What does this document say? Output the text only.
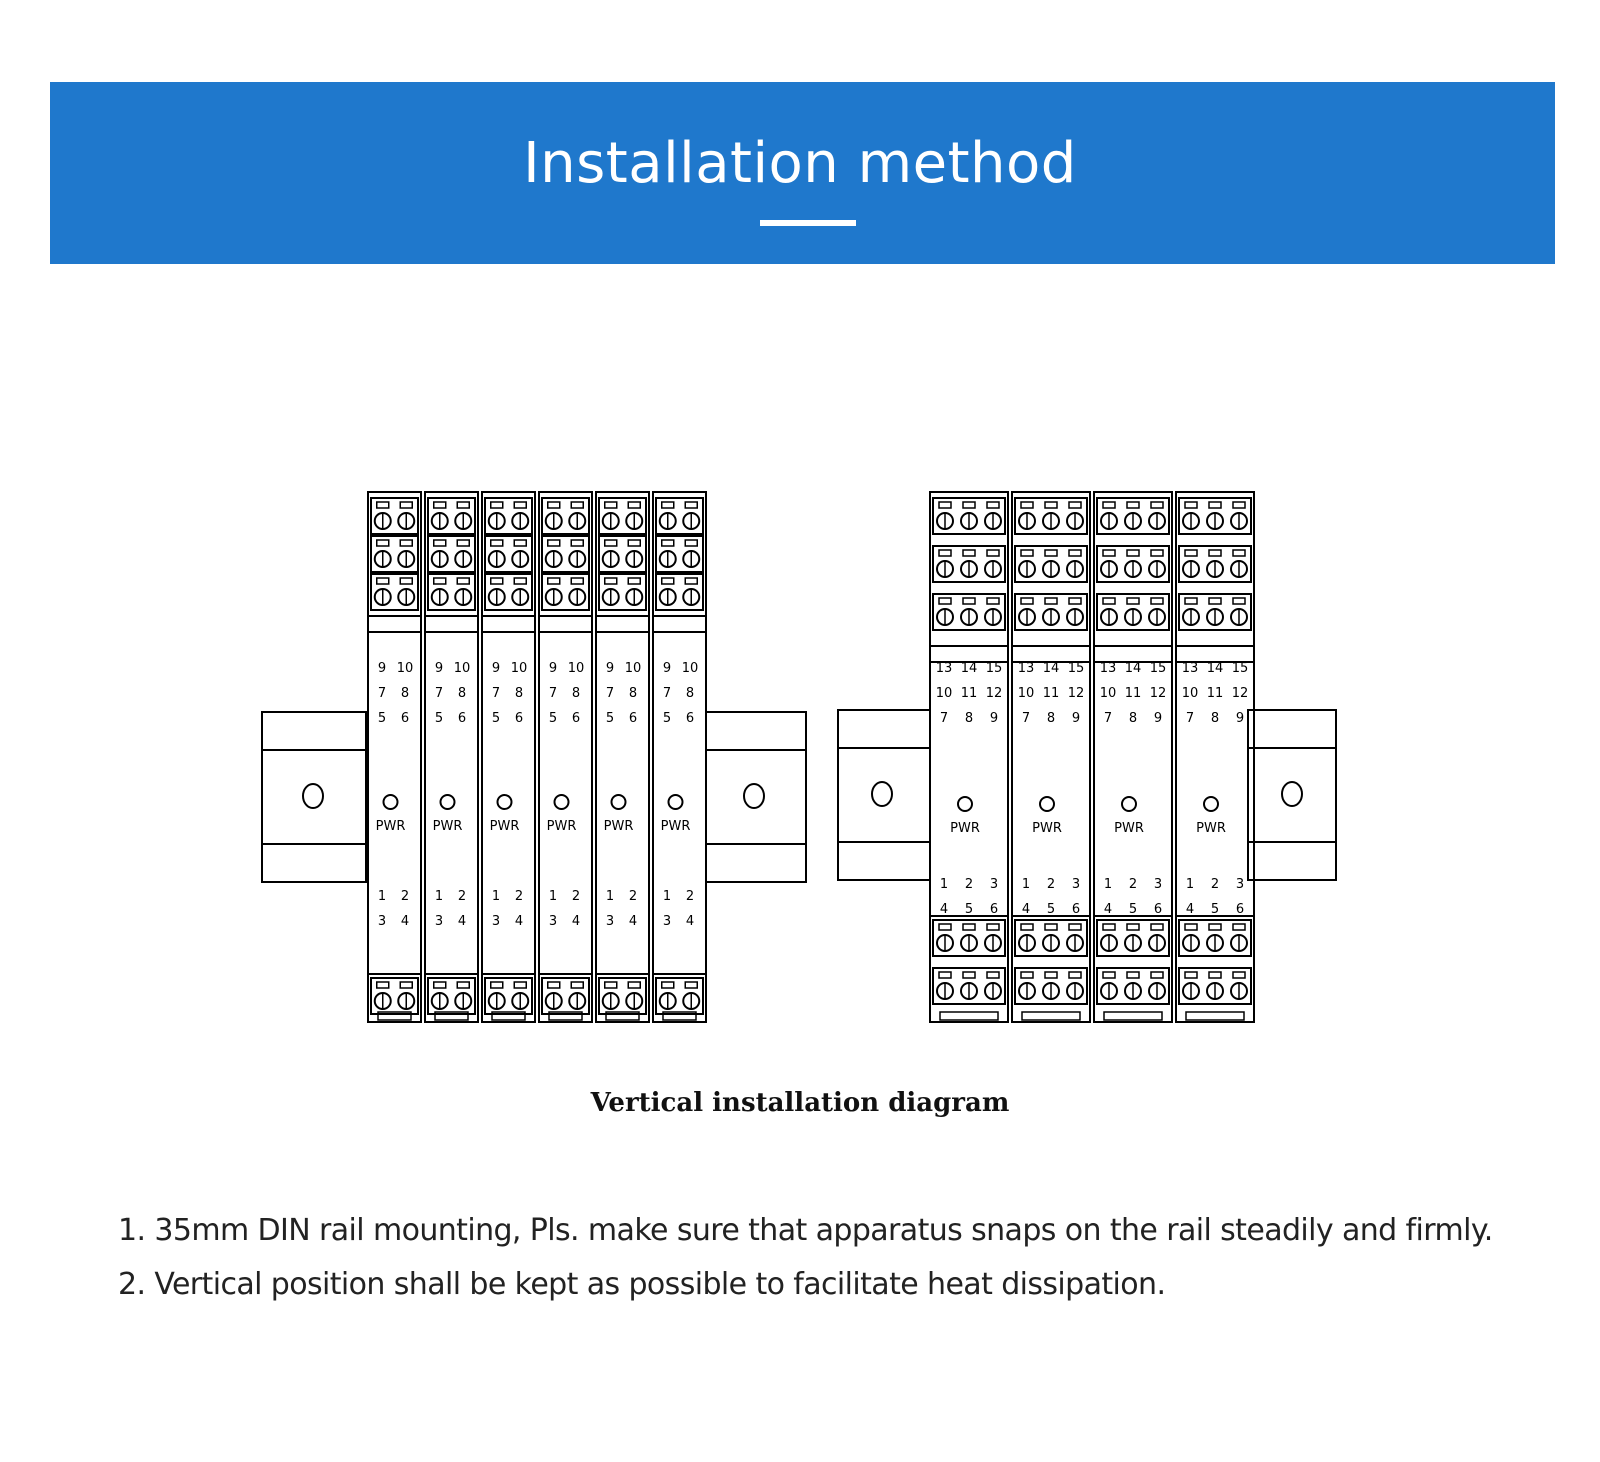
Installation method
9 10
7 8
5 6
PWR
1 2
3 4
9 10
7 8
5 6
PWR
1 2
3 4
9 10
7 8
5 6
PWR
1 2
3 4
9 10
7 8
5 6
PWR
1 2
3 4
9 10
7 8
5 6
PWR
1 2
3 4
9 10
7 8
5 6
PWR
1 2
3 4
13 14 15
10 11 12
7 8 9
PWR
1 2 3
4 5 6
13 14 15
10 11 12
7 8 9
PWR
1 2 3
4 5 6
13 14 15
10 11 12
7 8 9
PWR
1 2 3
4 5 6
13 14 15
10 11 12
7 8 9
PWR
1 2 3
4 5 6
Vertical installation diagram
1. 35mm DIN rail mounting, Pls. make sure that apparatus snaps on the rail steadily and firmly.
2. Vertical position shall be kept as possible to facilitate heat dissipation.
